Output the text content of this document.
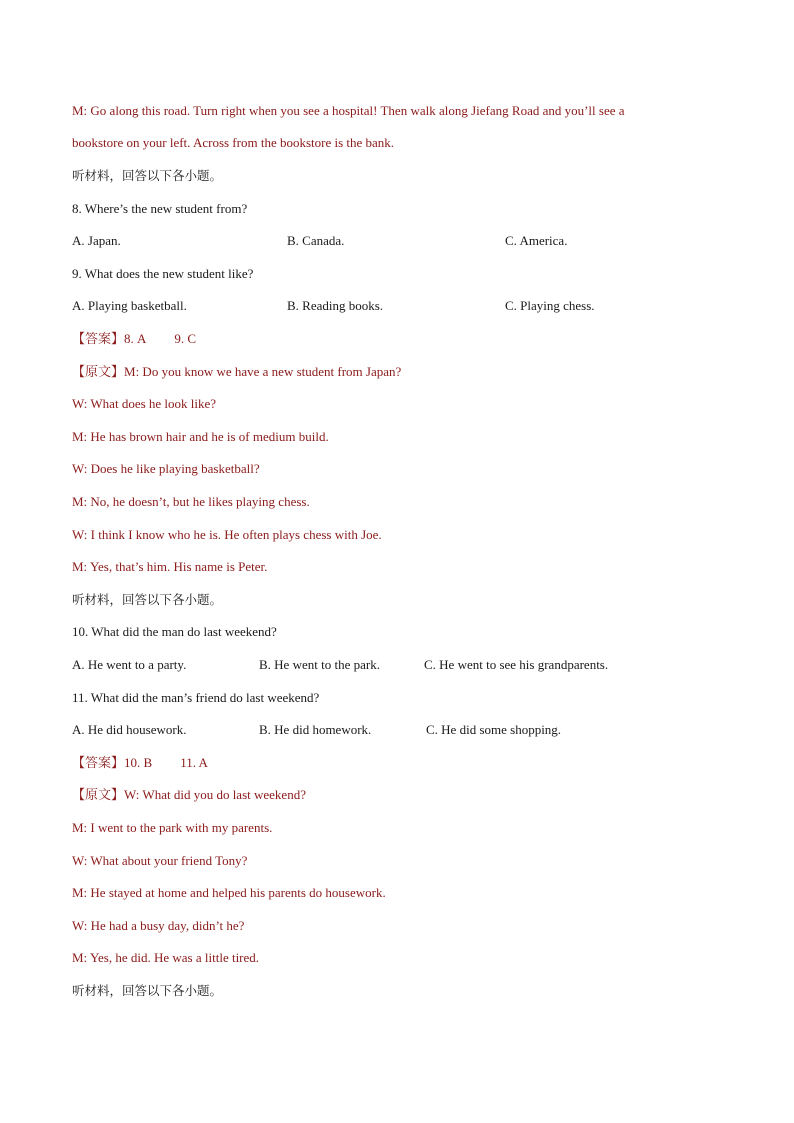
M: Go along this road. Turn right when you see a hospital! Then walk along Jiefang Road and you’ll see a
bookstore on your left. Across from the bookstore is the bank.
听材料，回答以下各小题。
8. Where’s the new student from?
A. Japan.	B. Canada.	C. America.
9. What does the new student like?
A. Playing basketball.	B. Reading books.	C. Playing chess.
【答案】8. A 9. C
【原文】M: Do you know we have a new student from Japan?
W: What does he look like?
M: He has brown hair and he is of medium build.
W: Does he like playing basketball?
M: No, he doesn’t, but he likes playing chess.
W: I think I know who he is. He often plays chess with Joe.
M: Yes, that’s him. His name is Peter.
听材料，回答以下各小题。
10. What did the man do last weekend?
A. He went to a party.	B. He went to the park.	C. He went to see his grandparents.
11. What did the man’s friend do last weekend?
A. He did housework.	B. He did homework.	C. He did some shopping.
【答案】10. B 11. A
【原文】W: What did you do last weekend?
M: I went to the park with my parents.
W: What about your friend Tony?
M: He stayed at home and helped his parents do housework.
W: He had a busy day, didn’t he?
M: Yes, he did. He was a little tired.
听材料，回答以下各小题。
